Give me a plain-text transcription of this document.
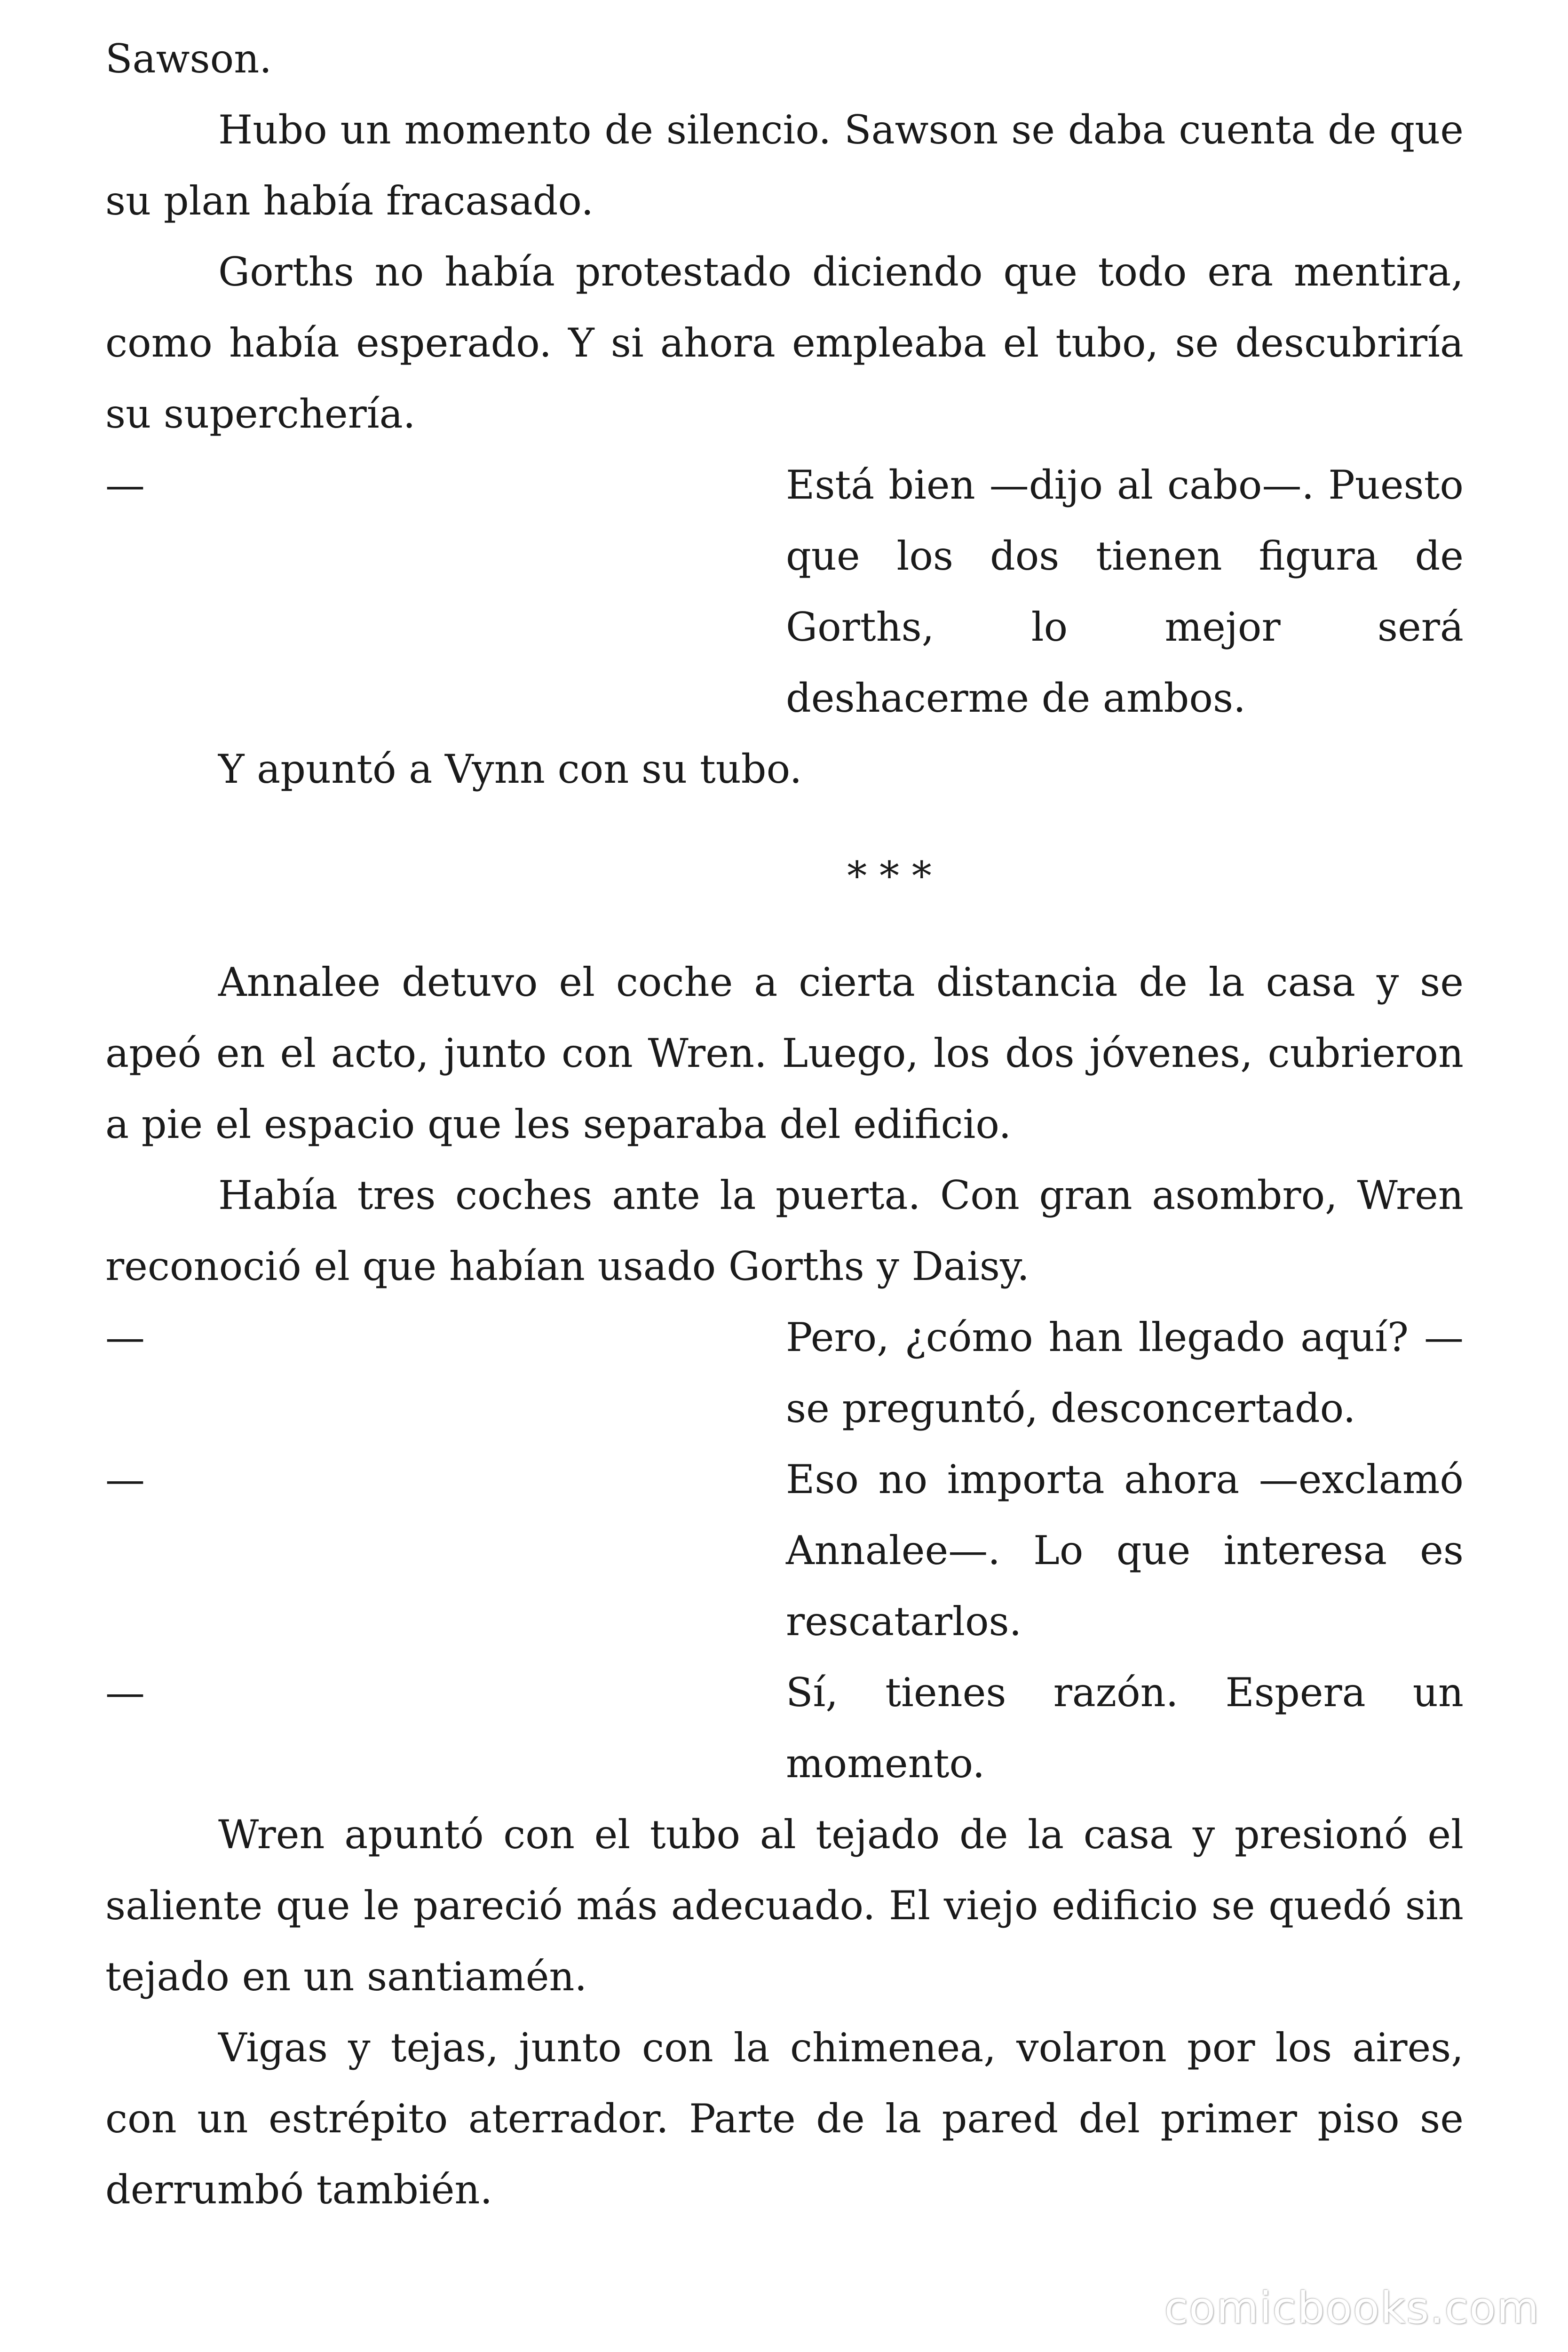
Sawson.

Hubo un momento de silencio. Sawson se daba cuenta de que su plan había fracasado.

Gorths no había protestado diciendo que todo era mentira, como había esperado. Y si ahora empleaba el tubo, se descubriría su superchería.

—	Está bien —dijo al cabo—. Puesto que los dos tienen figura de Gorths, lo mejor será deshacerme de ambos.

Y apuntó a Vynn con su tubo.

* * *

Annalee detuvo el coche a cierta distancia de la casa y se apeó en el acto, junto con Wren. Luego, los dos jóvenes, cubrieron a pie el espacio que les separaba del edificio.

Había tres coches ante la puerta. Con gran asombro, Wren reconoció el que habían usado Gorths y Daisy.

—	Pero, ¿cómo han llegado aquí? —se preguntó, desconcertado.
—	Eso no importa ahora —exclamó Annalee—. Lo que interesa es rescatarlos.
—	Sí, tienes razón. Espera un momento.

Wren apuntó con el tubo al tejado de la casa y presionó el saliente que le pareció más adecuado. El viejo edificio se quedó sin tejado en un santiamén.

Vigas y tejas, junto con la chimenea, volaron por los aires, con un estrépito aterrador. Parte de la pared del primer piso se derrumbó también.

comicbooks.com
